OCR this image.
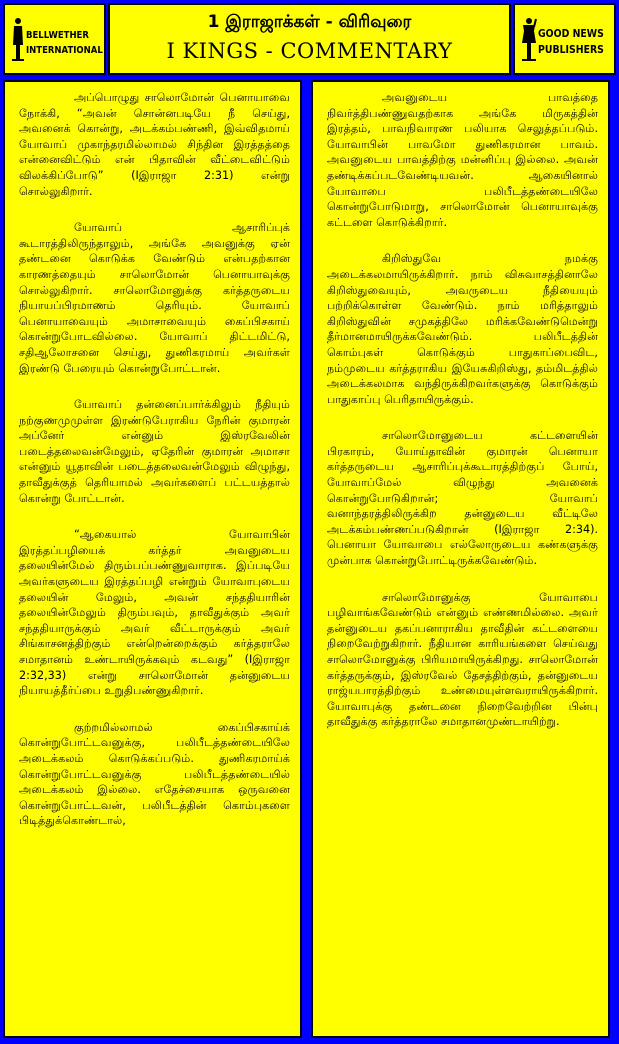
BELLWETHER
INTERNATIONAL
1 இராஜாக்கள் - விரிவுரை
I KINGS - COMMENTARY
GOOD NEWS
PUBLISHERS

அப்பொழுது சாலொமோன் பெனாயாவை நோக்கி, “அவன் சொன்னபடியே நீ செய்து, அவனைக் கொன்று, அடக்கம்பண்ணி, இவ்விதமாய் யோவாப் முகாந்தரமில்லாமல் சிந்தின இரத்தத்தை என்னைவிட்டும் என் பிதாவின் வீட்டைவிட்டும் விலக்கிப்போடு” (Iஇராஜா 2:31) என்று சொல்லுகிறார்.

யோவாப் ஆசாரிப்புக் கூடாரத்திலிருந்தாலும், அங்கே அவனுக்கு ஏன் தண்டனை கொடுக்க வேண்டும் என்பதற்கான காரணத்தையும் சாலொமோன் பெனாயாவுக்கு சொல்லுகிறார். சாலொமோனுக்கு கர்த்தருடைய நியாயப்பிரமாணம் தெரியும். யோவாப் பெனாயாவையும் அமாசாவையும் கைப்பிசகாய் கொன்றுபோடவில்லை. யோவாப் திட்டமிட்டு, சதிஆலோசனை செய்து, துணிகரமாய் அவர்கள் இரண்டு பேரையும் கொன்றுபோட்டான்.

யோவாப் தன்னைப்பார்க்கிலும் நீதியும் நற்குணமுமுள்ள இரண்டுபேராகிய நேரின் குமாரன் அப்னேர் என்னும் இஸ்ரவேலின் படைத்தலைவன்மேலும், ஏதேரின் குமாரன் அமாசா என்னும் யூதாவின் படைத்தலைவன்மேலும் விழுந்து, தாவீதுக்குத் தெரியாமல் அவர்களைப் பட்டயத்தால் கொன்று போட்டான்.

“ஆகையால் யோவாபின் இரத்தப்பழியைக் கர்த்தர் அவனுடைய தலையின்மேல் திரும்பப்பண்ணுவாராக. இப்படியே அவர்களுடைய இரத்தப்பழி என்றும் யோவாபுடைய தலையின் மேலும், அவன் சந்ததியாரின் தலையின்மேலும் திரும்பவும், தாவீதுக்கும் அவர் சந்ததியாருக்கும் அவர் வீட்டாருக்கும் அவர் சிங்காசனத்திற்கும் என்றென்றைக்கும் கர்த்தராலே சமாதானம் உண்டாயிருக்கவும் கடவது” (Iஇராஜா 2:32,33) என்று சாலொமோன் தன்னுடைய நியாயத்தீர்ப்பை உறுதிபண்ணுகிறார்.

குற்றமில்லாமல் கைப்பிசகாய்க் கொன்றுபோட்டவனுக்கு, பலிபீடத்தண்டையிலே அடைக்கலம் கொடுக்கப்படும். துணிகரமாய்க் கொன்றுபோட்டவனுக்கு பலிபீடத்தண்டையில் அடைக்கலம் இல்லை. எதேச்சையாக ஒருவனை கொன்றுபோட்டவன், பலிபீடத்தின் கொம்புகளை பிடித்துக்கொண்டால்,

அவனுடைய பாவத்தை நிவர்த்திபண்ணுவதற்காக அங்கே மிருகத்தின் இரத்தம், பாவநிவாரண பலியாக செலுத்தப்படும். யோவாபின் பாவமோ துணிகரமான பாவம். அவனுடைய பாவத்திற்கு மன்னிப்பு இல்லை. அவன் தண்டிக்கப்படவேண்டியவன். ஆகையினால் யோவாபை பலிபீடத்தண்டையிலே கொன்றுபோடுமாறு, சாலொமோன் பெனாயாவுக்கு கட்டளை கொடுக்கிறார்.

கிறிஸ்துவே நமக்கு அடைக்கலமாயிருக்கிறார். நாம் விசுவாசத்தினாலே கிறிஸ்துவையும், அவருடைய நீதியையும் பற்றிக்கொள்ள வேண்டும். நாம் மரித்தாலும் கிறிஸ்துவின் சமுகத்திலே மரிக்கவேண்டுமென்று தீர்மானமாயிருக்கவேண்டும். பலிபீடத்தின் கொம்புகள் கொடுக்கும் பாதுகாப்பைவிட, நம்முடைய கர்த்தராகிய இயேசுகிறிஸ்து, தம்மிடத்தில் அடைக்கலமாக வந்திருக்கிறவர்களுக்கு கொடுக்கும் பாதுகாப்பு பெரிதாயிருக்கும்.

சாலொமோனுடைய கட்டளையின் பிரகாரம், யோய்தாவின் குமாரன் பெனாயா கர்த்தருடைய ஆசாரிப்புக்கூடாரத்திற்குப் போய், யோவாப்மேல் விழுந்து அவனைக் கொன்றுபோடுகிறான்; யோவாப் வனாந்தரத்திலிருக்கிற தன்னுடைய வீட்டிலே அடக்கம்பண்ணப்படுகிறான் (Iஇராஜா 2:34). பெனாயா யோவாபை எல்லோருடைய கண்களுக்கு முன்பாக கொன்றுபோட்டிருக்கவேண்டும்.

சாலொமோனுக்கு யோவாபை பழிவாங்கவேண்டும் என்னும் எண்ணமில்லை. அவர் தன்னுடைய தகப்பனாராகிய தாவீதின் கட்டளையை நிறைவேற்றுகிறார். நீதியான காரியங்களை செய்வது சாலொமோனுக்கு பிரியமாயிருக்கிறது. சாலொமோன் கர்த்தருக்கும், இஸ்ரவேல் தேசத்திற்கும், தன்னுடைய ராஜ்யபாரத்திற்கும் உண்மையுள்ளவராயிருக்கிறார். யோவாபுக்கு தண்டனை நிறைவேற்றின பின்பு தாவீதுக்கு கர்த்தராலே சமாதானமுண்டாயிற்று.
